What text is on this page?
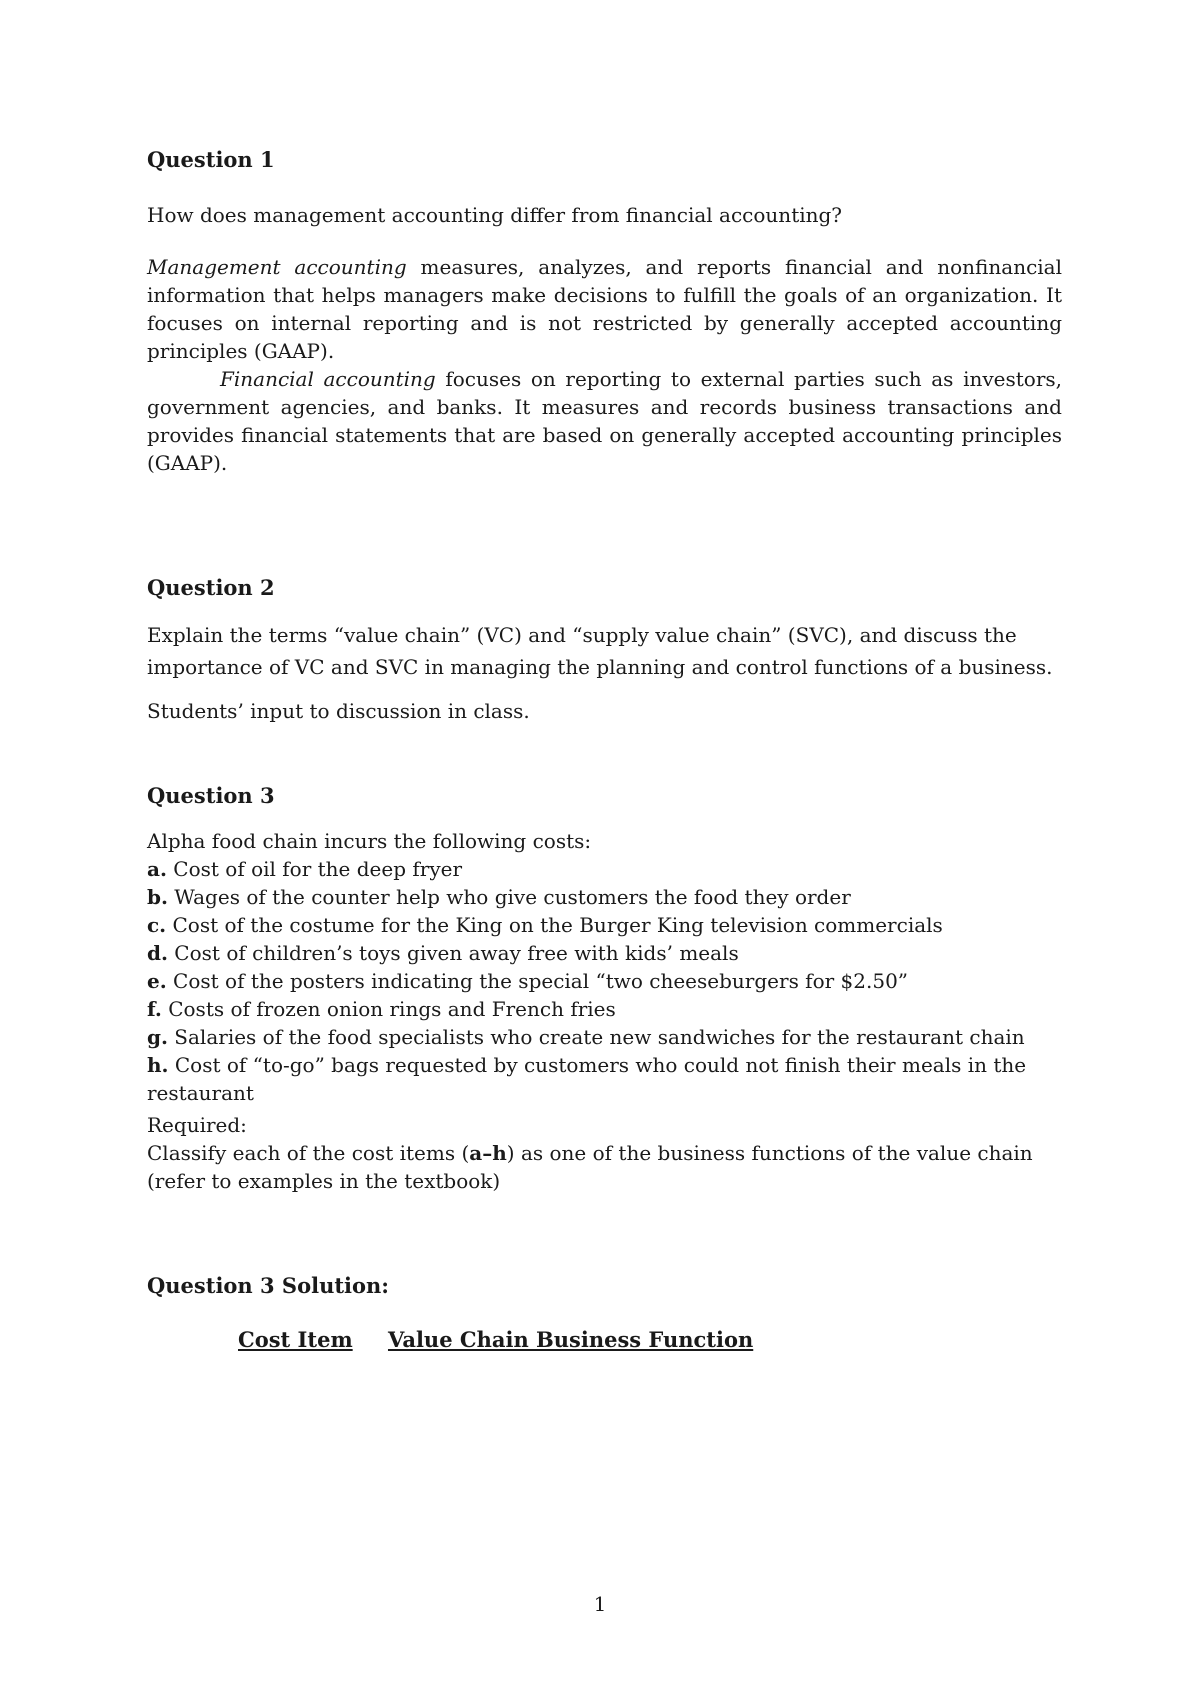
Question 1

How does management accounting differ from financial accounting?

Management accounting measures, analyzes, and reports financial and nonfinancial information that helps managers make decisions to fulfill the goals of an organization. It focuses on internal reporting and is not restricted by generally accepted accounting principles (GAAP).

Financial accounting focuses on reporting to external parties such as investors, government agencies, and banks. It measures and records business transactions and provides financial statements that are based on generally accepted accounting principles (GAAP).

Question 2

Explain the terms “value chain” (VC) and “supply value chain” (SVC), and discuss the importance of VC and SVC in managing the planning and control functions of a business.

Students’ input to discussion in class.

Question 3

Alpha food chain incurs the following costs:

a. Cost of oil for the deep fryer
b. Wages of the counter help who give customers the food they order
c. Cost of the costume for the King on the Burger King television commercials
d. Cost of children’s toys given away free with kids’ meals
e. Cost of the posters indicating the special “two cheeseburgers for $2.50”
f. Costs of frozen onion rings and French fries
g. Salaries of the food specialists who create new sandwiches for the restaurant chain
h. Cost of “to-go” bags requested by customers who could not finish their meals in the restaurant

Required:

Classify each of the cost items (a–h) as one of the business functions of the value chain (refer to examples in the textbook)

Question 3 Solution:

Cost Item Value Chain Business Function
1
